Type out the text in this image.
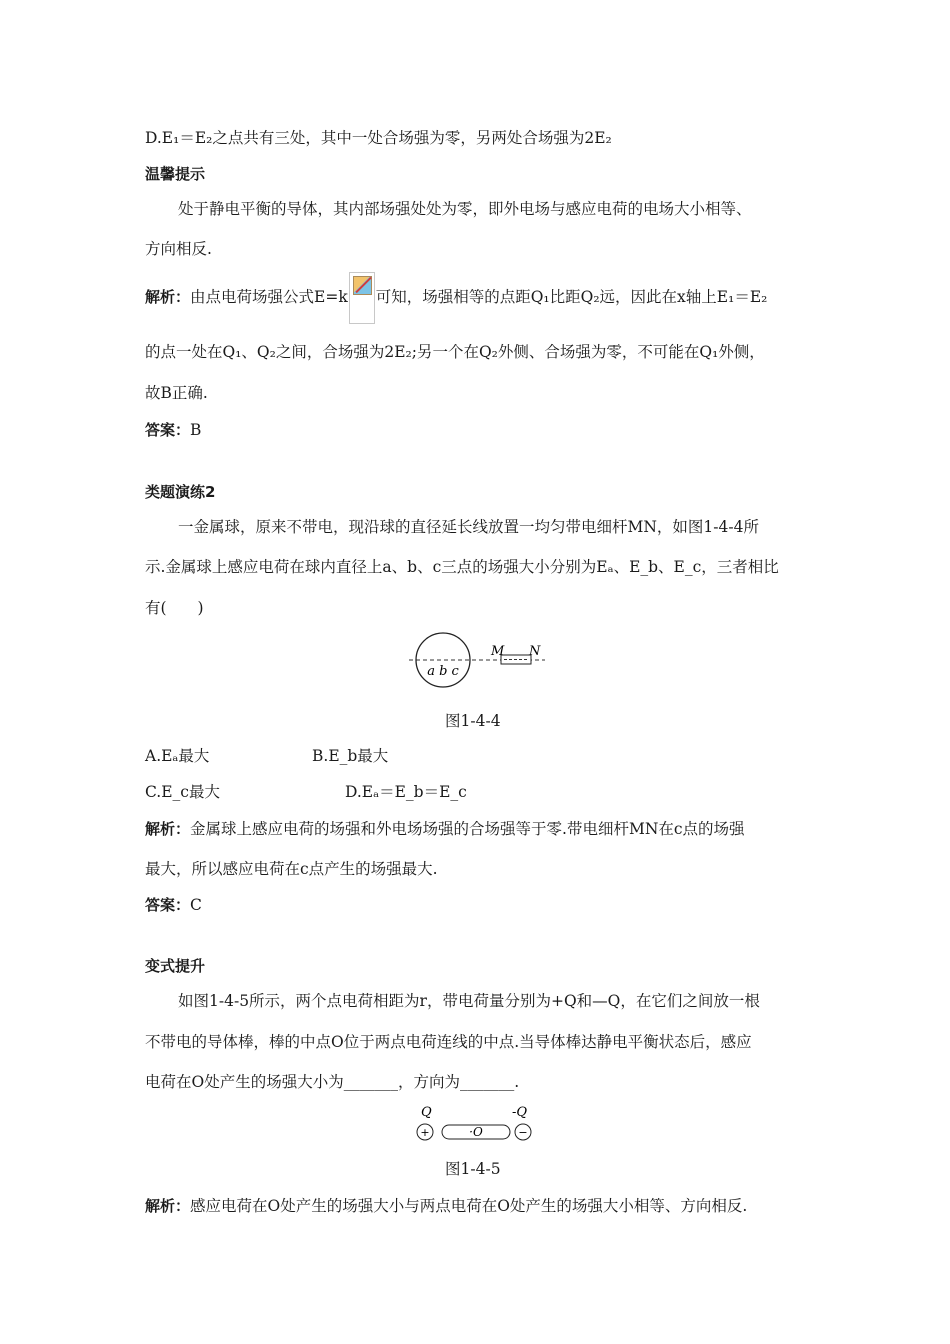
D.E₁＝E₂之点共有三处，其中一处合场强为零，另两处合场强为2E₂
温馨提示
处于静电平衡的导体，其内部场强处处为零，即外电场与感应电荷的电场大小相等、
方向相反.
解析：由点电荷场强公式E=k 可知，场强相等的点距Q₁比距Q₂远，因此在x轴上E₁＝E₂
的点一处在Q₁、Q₂之间，合场强为2E₂;另一个在Q₂外侧、合场强为零，不可能在Q₁外侧，
故B正确.
答案：B
类题演练2
一金属球，原来不带电，现沿球的直径延长线放置一均匀带电细杆MN，如图1-4-4所
示.金属球上感应电荷在球内直径上a、b、c三点的场强大小分别为Eₐ、E_b、E_c，三者相比
有(　　)
a b c
M N
图1-4-4
A.Eₐ最大	B.E_b最大
C.E_c最大	D.Eₐ＝E_b＝E_c
解析：金属球上感应电荷的场强和外电场场强的合场强等于零.带电细杆MN在c点的场强
最大，所以感应电荷在c点产生的场强最大.
答案：C
变式提升
如图1-4-5所示，两个点电荷相距为r，带电荷量分别为+Q和—Q，在它们之间放一根
不带电的导体棒，棒的中点O位于两点电荷连线的中点.当导体棒达静电平衡状态后，感应
电荷在O处产生的场强大小为_______，方向为_______.
Q	-Q
+	·O	−
图1-4-5
解析：感应电荷在O处产生的场强大小与两点电荷在O处产生的场强大小相等、方向相反.
